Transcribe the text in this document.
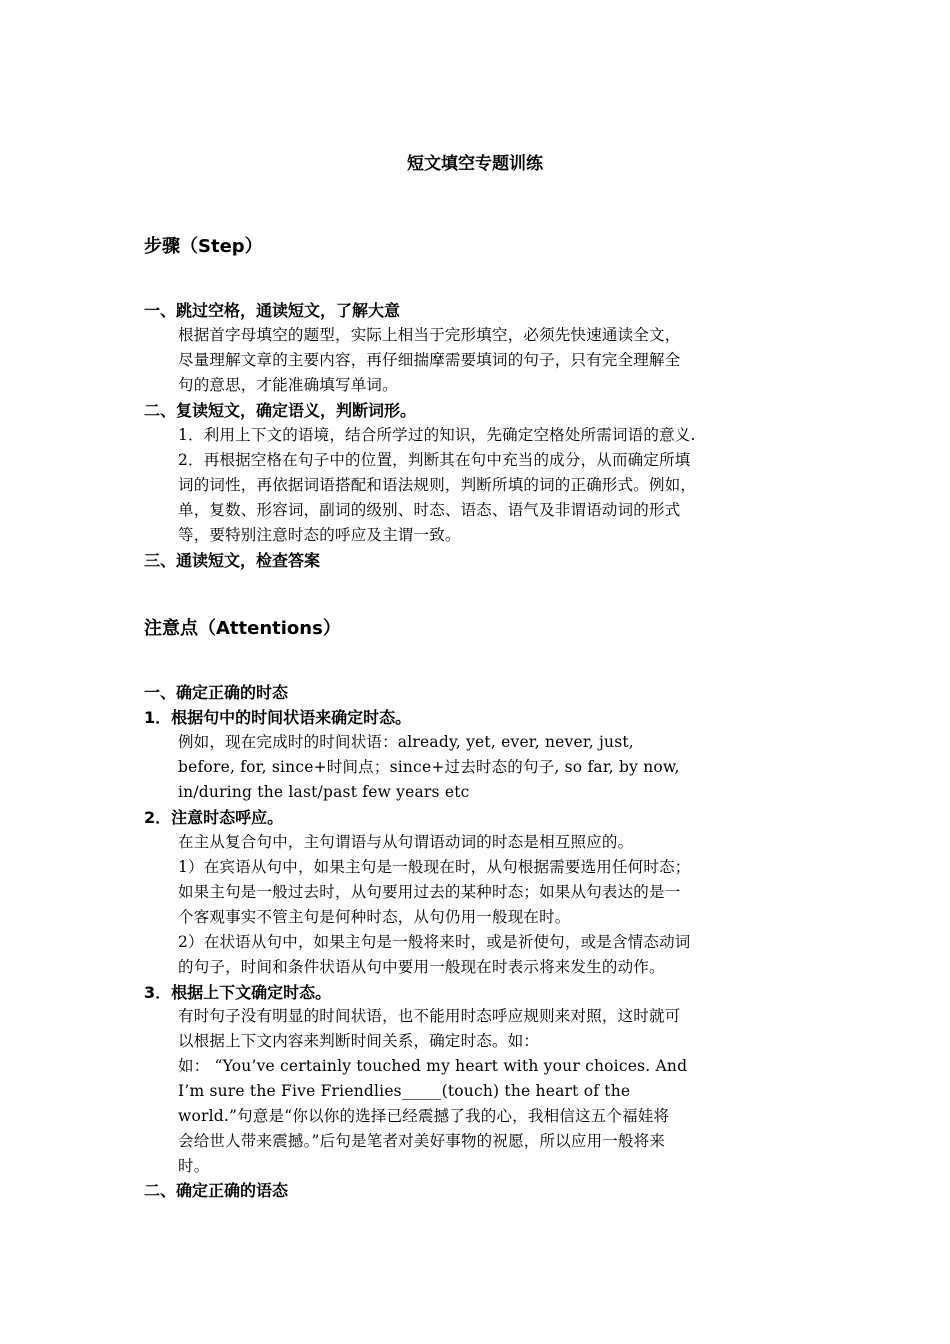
短文填空专题训练
步骤（Step）
一、跳过空格，通读短文，了解大意
根据首字母填空的题型，实际上相当于完形填空，必须先快速通读全文，
尽量理解文章的主要内容，再仔细揣摩需要填词的句子，只有完全理解全
句的意思，才能准确填写单词。
二、复读短文，确定语义，判断词形。
1．利用上下文的语境，结合所学过的知识，先确定空格处所需词语的意义.
2．再根据空格在句子中的位置，判断其在句中充当的成分，从而确定所填
词的词性，再依据词语搭配和语法规则，判断所填的词的正确形式。例如，
单，复数、形容词，副词的级别、时态、语态、语气及非谓语动词的形式
等，要特别注意时态的呼应及主谓一致。
三、通读短文，检查答案
注意点（Attentions）
一、确定正确的时态
1．根据句中的时间状语来确定时态。
例如，现在完成时的时间状语：already, yet, ever, never, just,
before, for, since+时间点；since+过去时态的句子, so far, by now,
in/during the last/past few years etc
2．注意时态呼应。
在主从复合句中，主句谓语与从句谓语动词的时态是相互照应的。
1）在宾语从句中，如果主句是一般现在时，从句根据需要选用任何时态；
如果主句是一般过去时，从句要用过去的某种时态；如果从句表达的是一
个客观事实不管主句是何种时态，从句仍用一般现在时。
2）在状语从句中，如果主句是一般将来时，或是祈使句，或是含情态动词
的句子，时间和条件状语从句中要用一般现在时表示将来发生的动作。
3．根据上下文确定时态。
有时句子没有明显的时间状语，也不能用时态呼应规则来对照，这时就可
以根据上下文内容来判断时间关系，确定时态。如：
如： “You’ve certainly touched my heart with your choices. And
I’m sure the Five Friendlies_____(touch) the heart of the
world.”句意是“你以你的选择已经震撼了我的心，我相信这五个福娃将
会给世人带来震撼。”后句是笔者对美好事物的祝愿，所以应用一般将来
时。
二、确定正确的语态
